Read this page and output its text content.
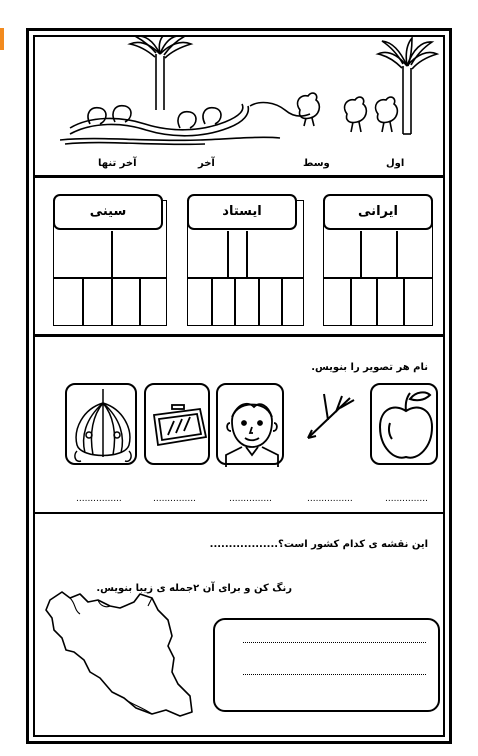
اول
وسط
آخر
آخر تنها
ایرانی
ایستاد
سینی
نام هر تصویر را بنویس.
...............
................
...............
...............
................
این نقشه ی کدام کشور است؟..................
رنگ کن و برای آن ۲جمله ی زیبا بنویس.
